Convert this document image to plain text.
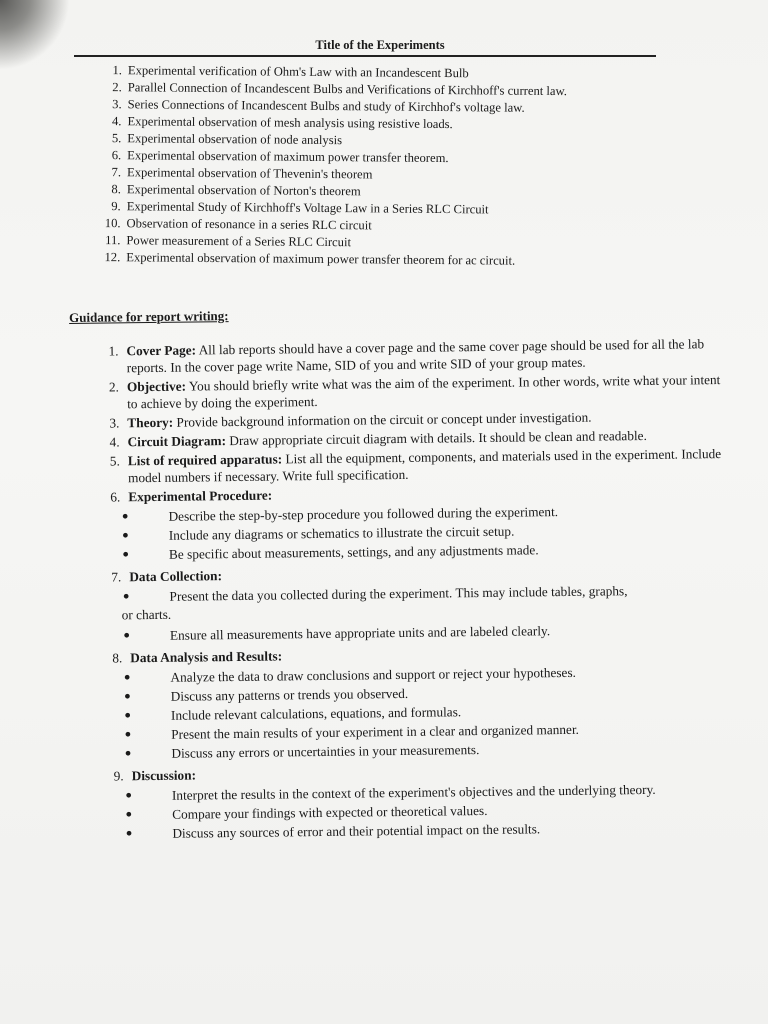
Title of the Experiments
1. Experimental verification of Ohm's Law with an Incandescent Bulb
2. Parallel Connection of Incandescent Bulbs and Verifications of Kirchhoff's current law.
3. Series Connections of Incandescent Bulbs and study of Kirchhof's voltage law.
4. Experimental observation of mesh analysis using resistive loads.
5. Experimental observation of node analysis
6. Experimental observation of maximum power transfer theorem.
7. Experimental observation of Thevenin's theorem
8. Experimental observation of Norton's theorem
9. Experimental Study of Kirchhoff's Voltage Law in a Series RLC Circuit
10. Observation of resonance in a series RLC circuit
11. Power measurement of a Series RLC Circuit
12. Experimental observation of maximum power transfer theorem for ac circuit.
Guidance for report writing:
1. Cover Page: All lab reports should have a cover page and the same cover page should be used for all the lab reports. In the cover page write Name, SID of you and write SID of your group mates.
2. Objective: You should briefly write what was the aim of the experiment. In other words, write what your intent to achieve by doing the experiment.
3. Theory: Provide background information on the circuit or concept under investigation.
4. Circuit Diagram: Draw appropriate circuit diagram with details. It should be clean and readable.
5. List of required apparatus: List all the equipment, components, and materials used in the experiment. Include model numbers if necessary. Write full specification.
6. Experimental Procedure:
●	Describe the step-by-step procedure you followed during the experiment.
●	Include any diagrams or schematics to illustrate the circuit setup.
●	Be specific about measurements, settings, and any adjustments made.
7. Data Collection:
●	Present the data you collected during the experiment. This may include tables, graphs,
or charts.
●	Ensure all measurements have appropriate units and are labeled clearly.
8. Data Analysis and Results:
●	Analyze the data to draw conclusions and support or reject your hypotheses.
●	Discuss any patterns or trends you observed.
●	Include relevant calculations, equations, and formulas.
●	Present the main results of your experiment in a clear and organized manner.
●	Discuss any errors or uncertainties in your measurements.
9. Discussion:
●	Interpret the results in the context of the experiment's objectives and the underlying theory.
●	Compare your findings with expected or theoretical values.
●	Discuss any sources of error and their potential impact on the results.
